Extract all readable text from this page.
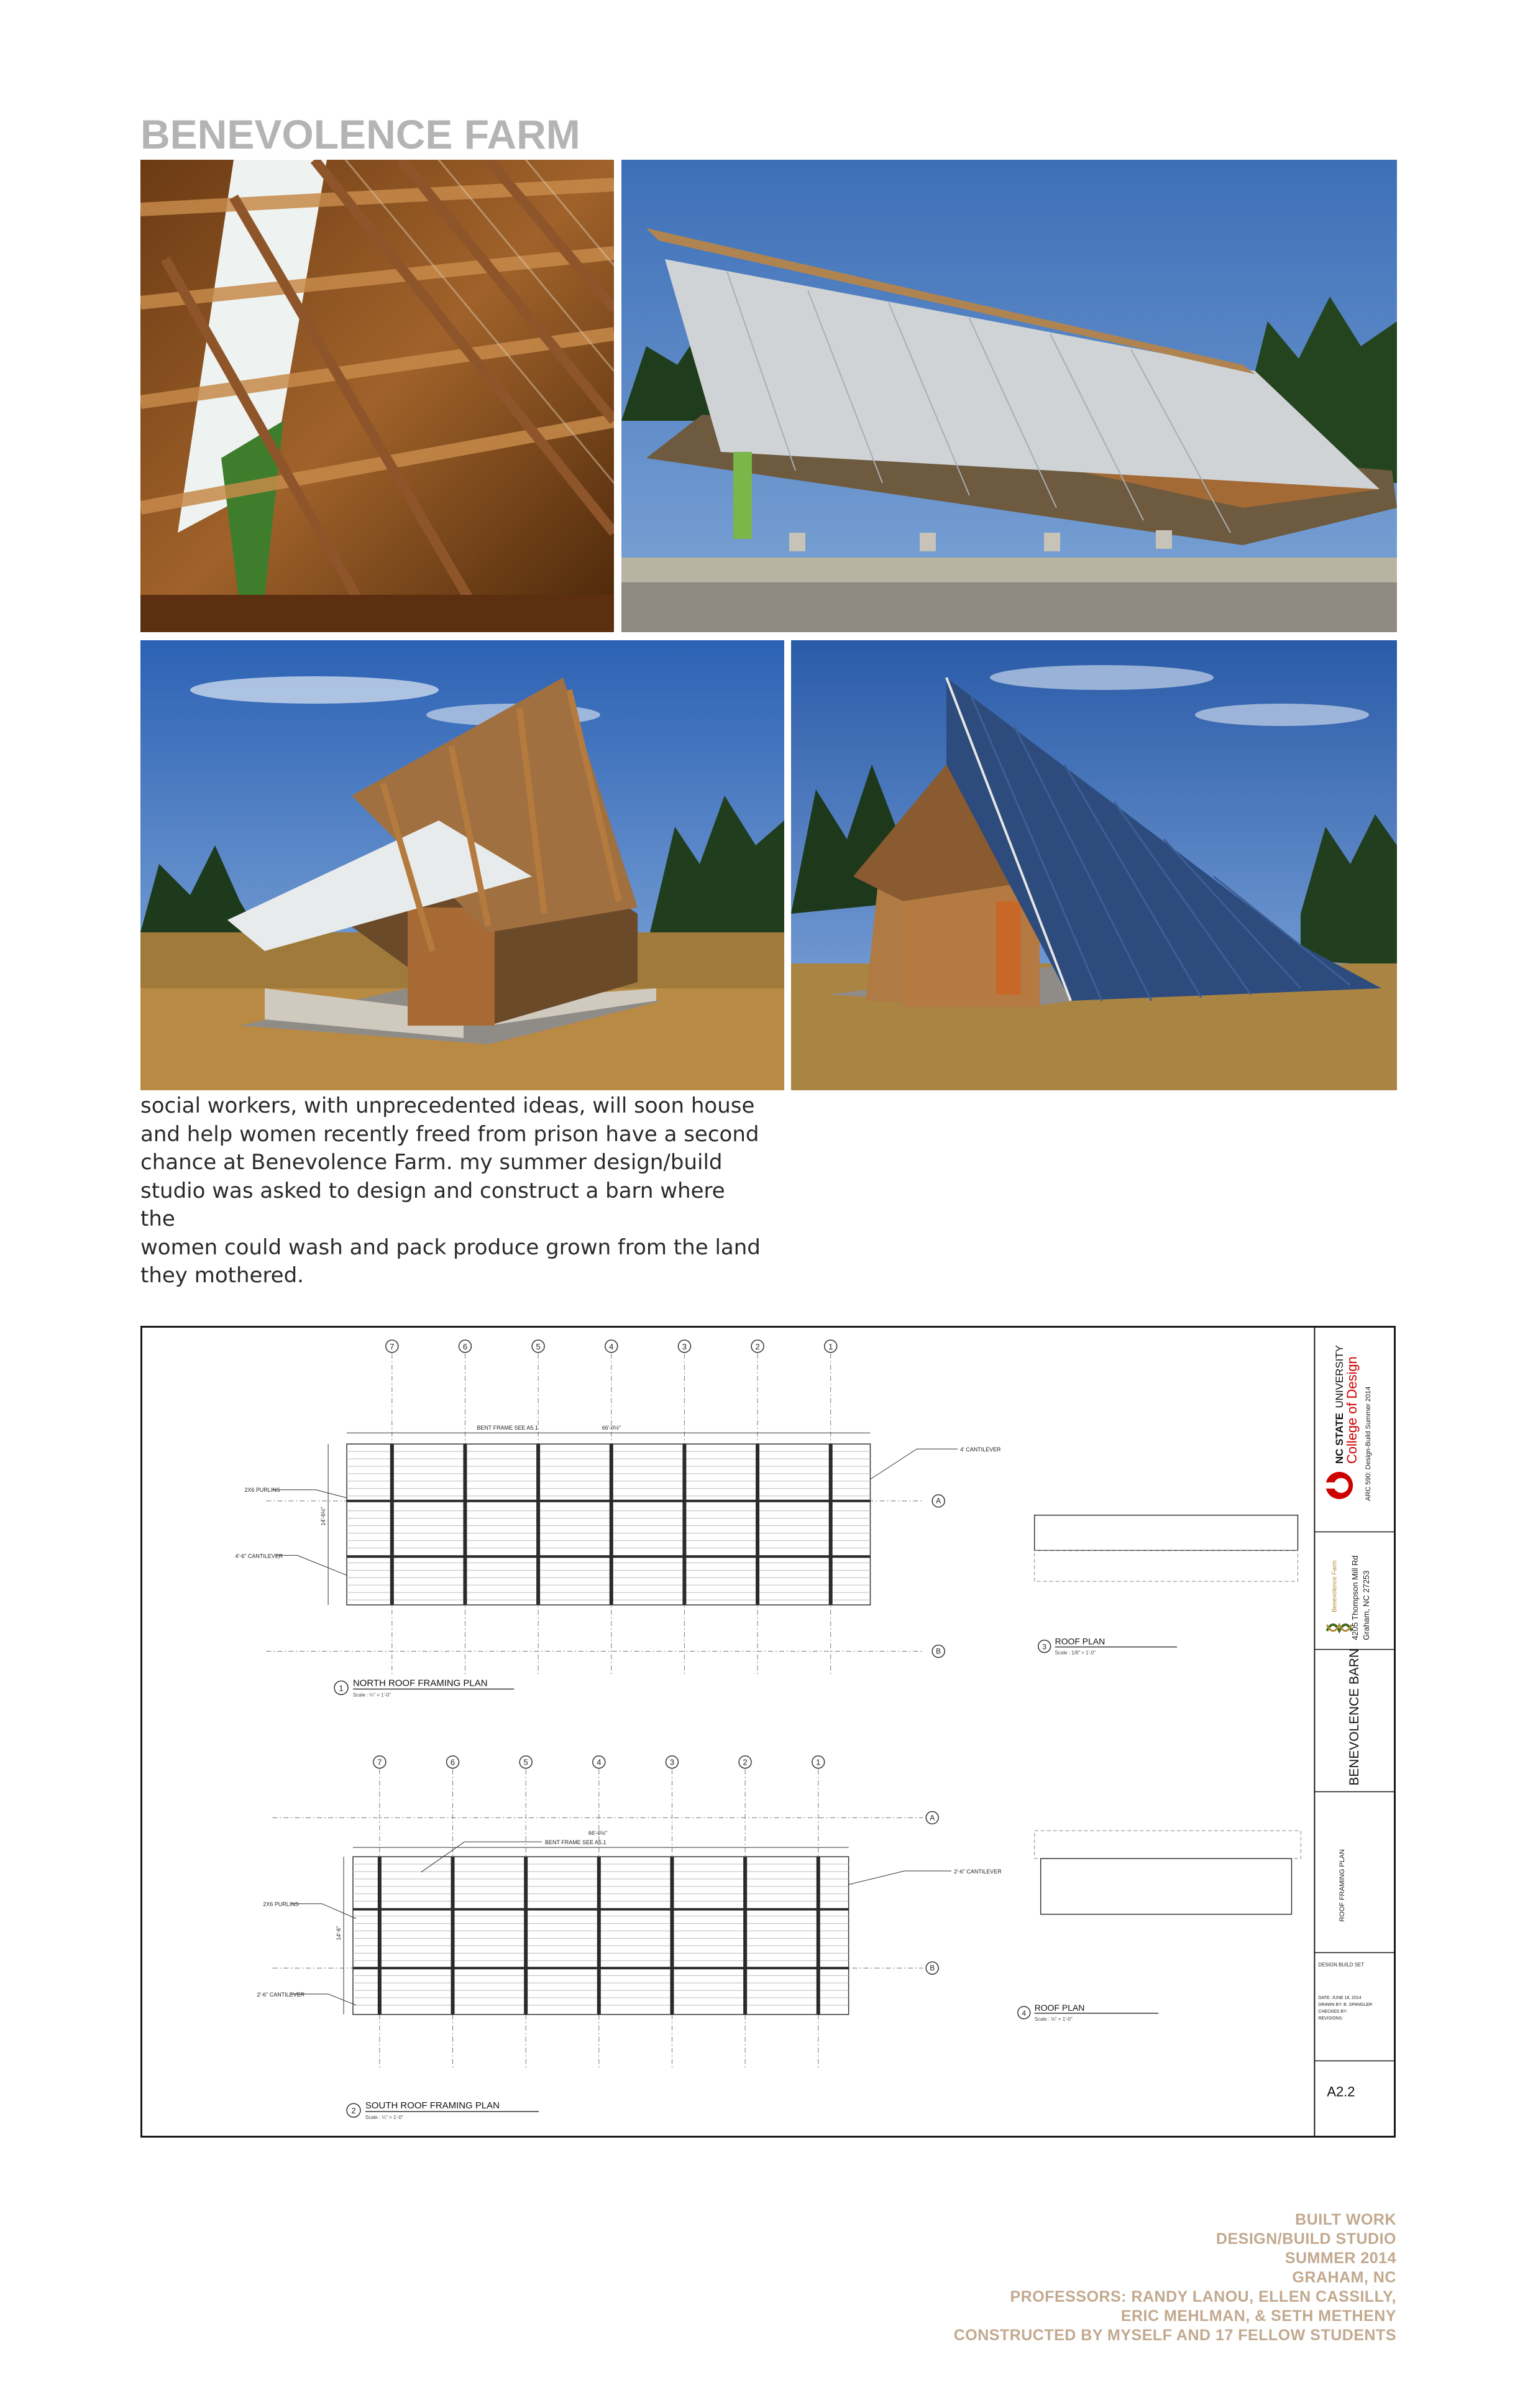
BENEVOLENCE FARM
social workers, with unprecedented ideas, will soon house
and help women recently freed from prison have a second
chance at Benevolence Farm. my summer design/build
studio was asked to design and construct a barn where the
women could wash and pack produce grown from the land
they mothered.
7	6	5	4	3	2	1
BENT FRAME SEE A5.1	66'-0½"
4' CANTILEVER
2X6 PURLINS
4'-6" CANTILEVER
14'-6½"
A
B
1 NORTH ROOF FRAMING PLAN
Scale : ¼" = 1'-0"
7	6	5	4	3	2	1
BENT FRAME SEE A5.1
66'-0½"
2'-6" CANTILEVER
2X6 PURLINS
2'-6" CANTILEVER
14'-6"
A
B
2 SOUTH ROOF FRAMING PLAN
Scale : ¼" = 1'-0"
3
ROOF PLAN
Scale : 1/8" = 1'-0"
4
ROOF PLAN
Scale : ⅛" = 1'-0"
NC STATE
UNIVERSITY
College of Design ARC 590: Design-Build Summer 2014
Benevolence Farm 4205 Thompson Mill Rd Graham, NC 27253
BENEVOLENCE BARN
ROOF FRAMING PLAN
DESIGN BUILD SET
DATE: JUNE 18, 2014
DRAWN BY: B. SPANGLER
CHECKED BY:
REVISIONS:
A2.2
BUILT WORK
DESIGN/BUILD STUDIO
SUMMER 2014
GRAHAM, NC
PROFESSORS: RANDY LANOU, ELLEN CASSILLY,
ERIC MEHLMAN, & SETH METHENY
CONSTRUCTED BY MYSELF AND 17 FELLOW STUDENTS
